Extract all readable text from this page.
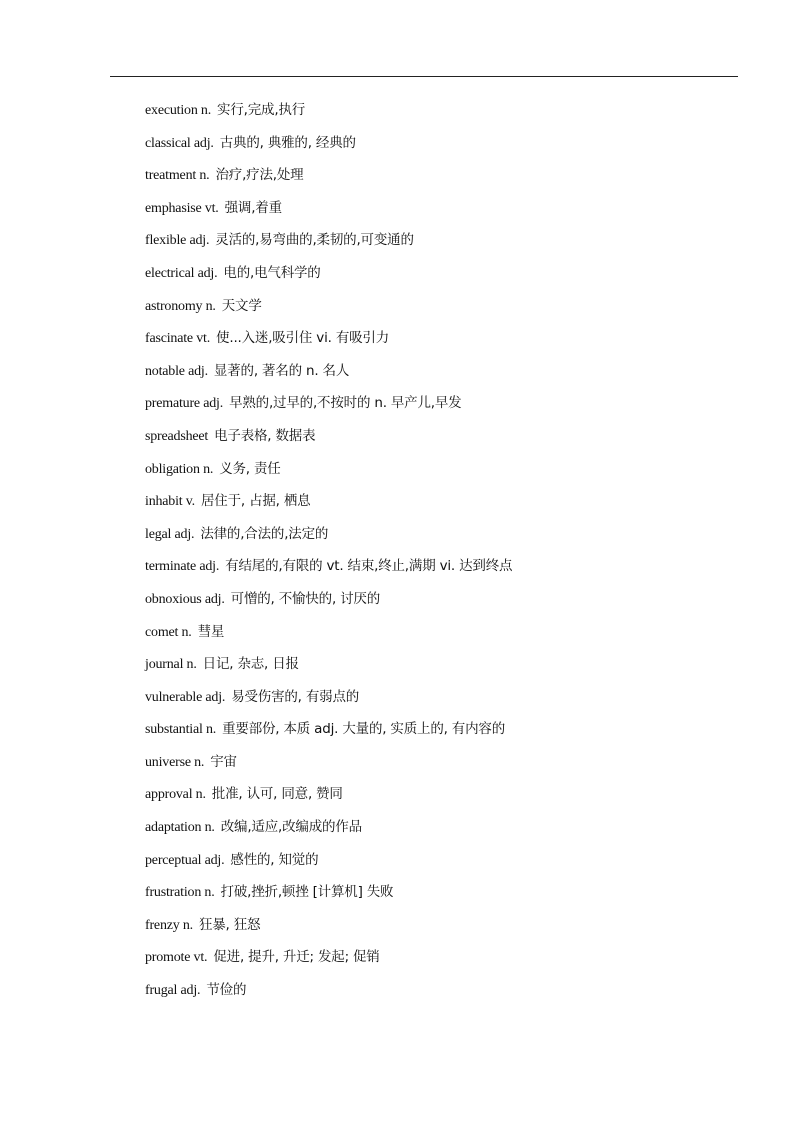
execution n. 实行,完成,执行
classical adj. 古典的, 典雅的, 经典的
treatment n. 治疗,疗法,处理
emphasise vt. 强调,着重
flexible adj. 灵活的,易弯曲的,柔韧的,可变通的
electrical adj. 电的,电气科学的
astronomy n. 天文学
fascinate vt. 使...入迷,吸引住 vi. 有吸引力
notable adj. 显著的, 著名的 n. 名人
premature adj. 早熟的,过早的,不按时的 n. 早产儿,早发
spreadsheet 电子表格, 数据表
obligation n. 义务, 责任
inhabit v. 居住于, 占据, 栖息
legal adj. 法律的,合法的,法定的
terminate adj. 有结尾的,有限的 vt. 结束,终止,满期 vi. 达到终点
obnoxious adj. 可憎的, 不愉快的, 讨厌的
comet n. 彗星
journal n. 日记, 杂志, 日报
vulnerable adj. 易受伤害的, 有弱点的
substantial n. 重要部份, 本质 adj. 大量的, 实质上的, 有内容的
universe n. 宇宙
approval n. 批准, 认可, 同意, 赞同
adaptation n. 改编,适应,改编成的作品
perceptual adj. 感性的, 知觉的
frustration n. 打破,挫折,顿挫 [计算机] 失败
frenzy n. 狂暴, 狂怒
promote vt. 促进, 提升, 升迁; 发起; 促销
frugal adj. 节俭的
